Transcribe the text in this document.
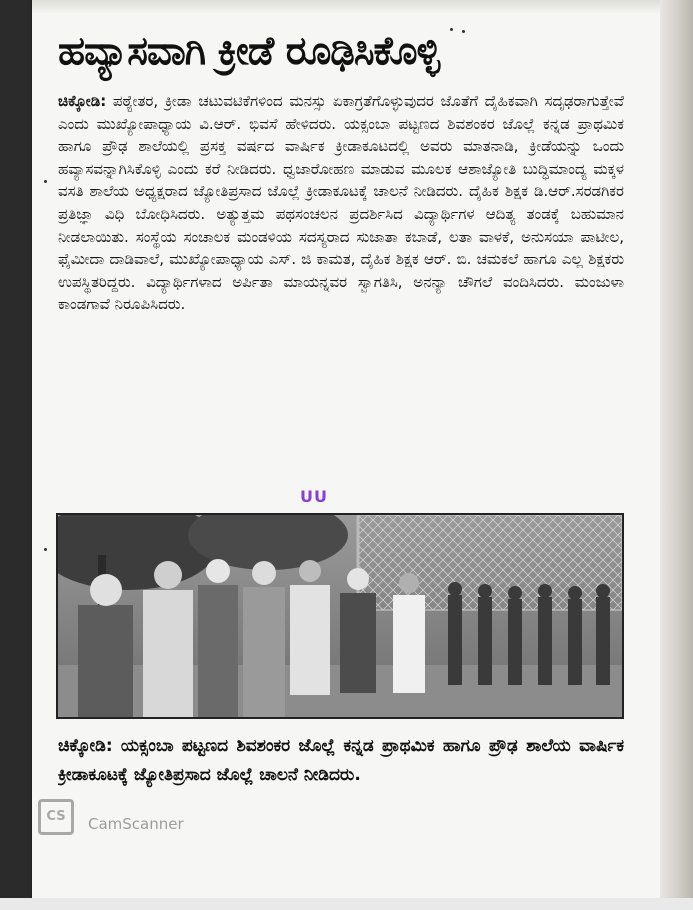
ಹವ್ಯಾಸವಾಗಿ ಕ್ರೀಡೆ ರೂಢಿಸಿಕೊಳ್ಳಿ
ಚಿಕ್ಕೋಡಿ: ಪಠ್ಯೇತರ, ಕ್ರೀಡಾ ಚಟುವಟಿಕೆಗಳಿಂದ ಮನಸ್ಸು ಏಕಾಗ್ರತೆಗೊಳ್ಳುವುದರ ಜೊತೆಗೆ ದೈಹಿಕವಾಗಿ ಸದೃಢರಾಗುತ್ತೇವೆ ಎಂದು ಮುಖ್ಯೋಪಾಧ್ಯಾಯ ವಿ.ಆರ್. ಭಿವಸೆ ಹೇಳಿದರು. ಯಕ್ಸಂಬಾ ಪಟ್ಟಣದ ಶಿವಶಂಕರ ಜೊಲ್ಲೆ ಕನ್ನಡ ಪ್ರಾಥಮಿಕ ಹಾಗೂ ಪ್ರೌಢ ಶಾಲೆಯಲ್ಲಿ ಪ್ರಸಕ್ತ ವರ್ಷದ ವಾರ್ಷಿಕ ಕ್ರೀಡಾಕೂಟದಲ್ಲಿ ಅವರು ಮಾತನಾಡಿ, ಕ್ರೀಡೆಯನ್ನು ಒಂದು ಹವ್ಯಾಸವನ್ನಾಗಿಸಿಕೊಳ್ಳಿ ಎಂದು ಕರೆ ನೀಡಿದರು. ಧ್ವಜಾರೋಹಣ ಮಾಡುವ ಮೂಲಕ ಆಶಾಜ್ಯೋತಿ ಬುದ್ಧಿಮಾಂದ್ಯ ಮಕ್ಕಳ ವಸತಿ ಶಾಲೆಯ ಅಧ್ಯಕ್ಷರಾದ ಜ್ಯೋತಿಪ್ರಸಾದ ಜೊಲ್ಲೆ ಕ್ರೀಡಾಕೂಟಕ್ಕೆ ಚಾಲನೆ ನೀಡಿದರು. ದೈಹಿಕ ಶಿಕ್ಷಕ ಡಿ.ಆರ್.ಸರಡಗಿಕರ ಪ್ರತಿಜ್ಞಾ ವಿಧಿ ಬೋಧಿಸಿದರು. ಅತ್ಯುತ್ತಮ ಪಥಸಂಚಲನ ಪ್ರದರ್ಶಿಸಿದ ವಿದ್ಯಾರ್ಥಿಗಳ ಆದಿತ್ಯ ತಂಡಕ್ಕೆ ಬಹುಮಾನ ನೀಡಲಾಯಿತು. ಸಂಸ್ಥೆಯ ಸಂಚಾಲಕ ಮಂಡಳಿಯ ಸದಸ್ಯರಾದ ಸುಜಾತಾ ಕಬಾಡೆ, ಲತಾ ವಾಳಕೆ, ಅನುಸಯಾ ಪಾಟೀಲ, ಫೈಮೀದಾ ದಾಡಿವಾಲೆ, ಮುಖ್ಯೋಪಾಧ್ಯಾಯ ಎಸ್. ಜಿ ಕಾಮತ, ದೈಹಿಕ ಶಿಕ್ಷಕ ಆರ್. ಬಿ. ಚಮಕಲೆ ಹಾಗೂ ಎಲ್ಲ ಶಿಕ್ಷಕರು ಉಪಸ್ಥಿತರಿದ್ದರು. ವಿದ್ಯಾರ್ಥಿಗಳಾದ ಅರ್ಪಿತಾ ಮಾಯನ್ನವರ ಸ್ವಾಗತಿಸಿ, ಅನನ್ಯಾ ಚೌಗಲೆ ವಂದಿಸಿದರು. ಮಂಜುಳಾ ಕಾಂಡಗಾವೆ ನಿರೂಪಿಸಿದರು.
UU
ಚಿಕ್ಕೋಡಿ: ಯಕ್ಸಂಬಾ ಪಟ್ಟಣದ ಶಿವಶಂಕರ ಜೊಲ್ಲೆ ಕನ್ನಡ ಪ್ರಾಥಮಿಕ ಹಾಗೂ ಪ್ರೌಢ ಶಾಲೆಯ ವಾರ್ಷಿಕ ಕ್ರೀಡಾಕೂಟಕ್ಕೆ ಜ್ಯೋತಿಪ್ರಸಾದ ಜೊಲ್ಲೆ ಚಾಲನೆ ನೀಡಿದರು.
CS	CamScanner
